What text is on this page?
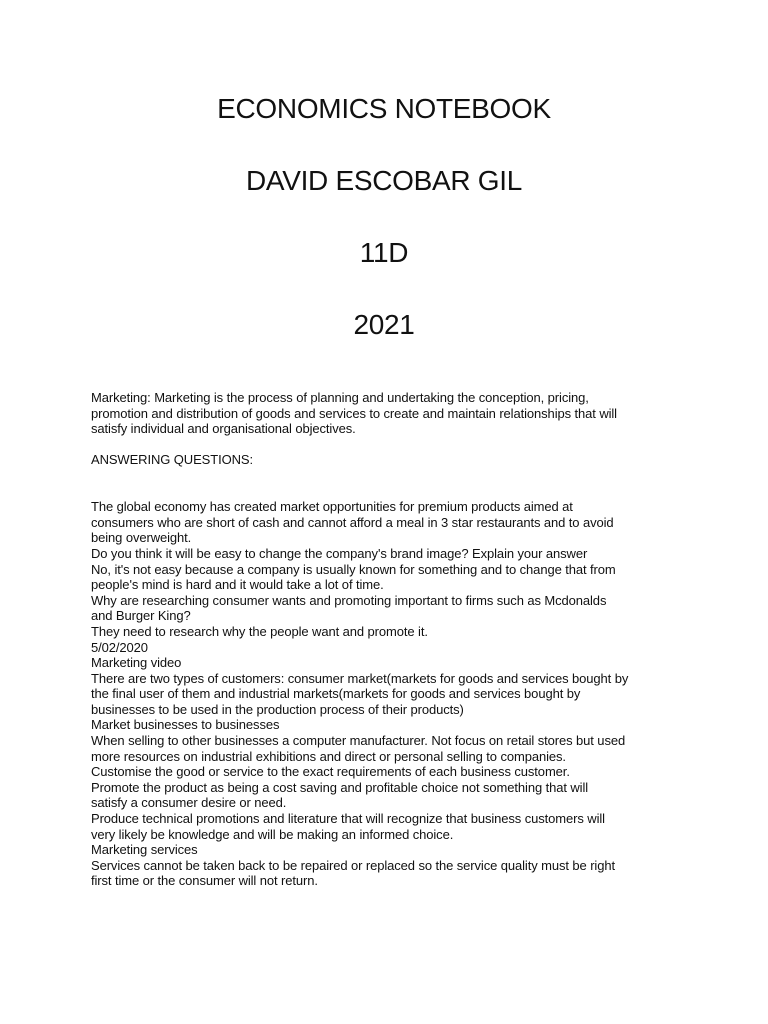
ECONOMICS NOTEBOOK

DAVID ESCOBAR GIL

11D

2021

Marketing: Marketing is the process of planning and undertaking the conception, pricing,
promotion and distribution of goods and services to create and maintain relationships that will
satisfy individual and organisational objectives.
ANSWERING QUESTIONS:
The global economy has created market opportunities for premium products aimed at
consumers who are short of cash and cannot afford a meal in 3 star restaurants and to avoid
being overweight.
Do you think it will be easy to change the company's brand image? Explain your answer
No, it's not easy because a company is usually known for something and to change that from
people's mind is hard and it would take a lot of time.
Why are researching consumer wants and promoting important to firms such as Mcdonalds
and Burger King?
They need to research why the people want and promote it.
5/02/2020
Marketing video
There are two types of customers: consumer market(markets for goods and services bought by
the final user of them and industrial markets(markets for goods and services bought by
businesses to be used in the production process of their products)
Market businesses to businesses
When selling to other businesses a computer manufacturer. Not focus on retail stores but used
more resources on industrial exhibitions and direct or personal selling to companies.
Customise the good or service to the exact requirements of each business customer.
Promote the product as being a cost saving and profitable choice not something that will
satisfy a consumer desire or need.
Produce technical promotions and literature that will recognize that business customers will
very likely be knowledge and will be making an informed choice.
Marketing services
Services cannot be taken back to be repaired or replaced so the service quality must be right
first time or the consumer will not return.
